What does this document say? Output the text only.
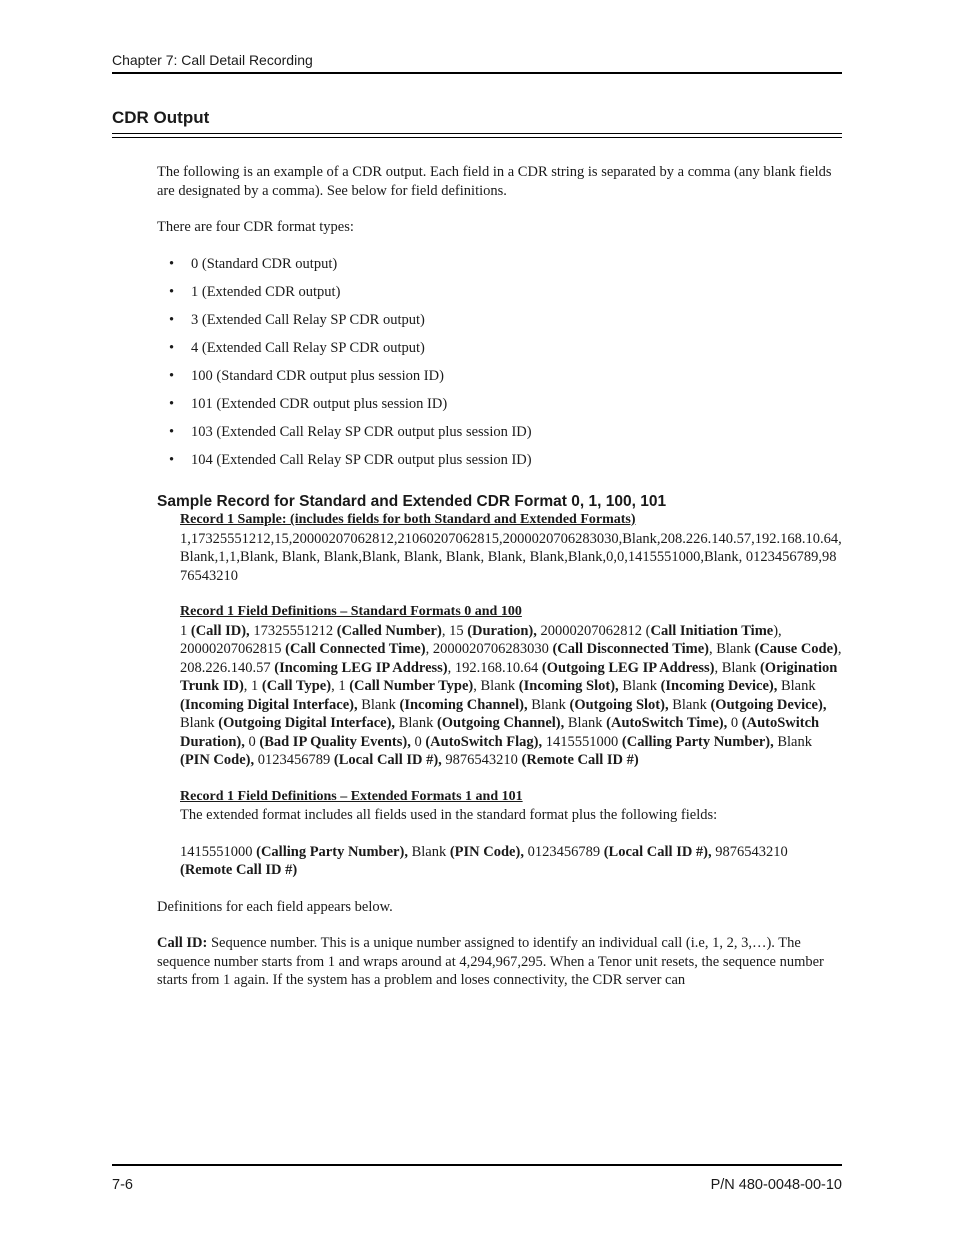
Chapter 7: Call Detail Recording
CDR Output

The following is an example of a CDR output. Each field in a CDR string is separated by a comma (any blank fields are designated by a comma). See below for field definitions.

There are four CDR format types:

• 0 (Standard CDR output)
• 1 (Extended CDR output)
• 3 (Extended Call Relay SP CDR output)
• 4 (Extended Call Relay SP CDR output)
• 100 (Standard CDR output plus session ID)
• 101 (Extended CDR output plus session ID)
• 103 (Extended Call Relay SP CDR output plus session ID)
• 104 (Extended Call Relay SP CDR output plus session ID)

Sample Record for Standard and Extended CDR Format 0, 1, 100, 101

Record 1 Sample: (includes fields for both Standard and Extended Formats)

1,17325551212,15,20000207062812,21060207062815,2000020706283030,Blank,208.226.140.57,192.168.10.64,Blank,1,1,Blank, Blank, Blank,Blank, Blank, Blank, Blank, Blank,Blank,0,0,1415551000,Blank, 0123456789,9876543210

Record 1 Field Definitions – Standard Formats 0 and 100

1 (Call ID), 17325551212 (Called Number), 15 (Duration), 20000207062812 (Call Initiation Time), 20000207062815 (Call Connected Time), 2000020706283030 (Call Disconnected Time), Blank (Cause Code), 208.226.140.57 (Incoming LEG IP Address), 192.168.10.64 (Outgoing LEG IP Address), Blank (Origination Trunk ID), 1 (Call Type), 1 (Call Number Type), Blank (Incoming Slot), Blank (Incoming Device), Blank (Incoming Digital Interface), Blank (Incoming Channel), Blank (Outgoing Slot), Blank (Outgoing Device), Blank (Outgoing Digital Interface), Blank (Outgoing Channel), Blank (AutoSwitch Time), 0 (AutoSwitch Duration), 0 (Bad IP Quality Events), 0 (AutoSwitch Flag), 1415551000 (Calling Party Number), Blank (PIN Code), 0123456789 (Local Call ID #), 9876543210 (Remote Call ID #)

Record 1 Field Definitions – Extended Formats 1 and 101

The extended format includes all fields used in the standard format plus the following fields:

1415551000 (Calling Party Number), Blank (PIN Code), 0123456789 (Local Call ID #), 9876543210 (Remote Call ID #)

Definitions for each field appears below.

Call ID: Sequence number. This is a unique number assigned to identify an individual call (i.e, 1, 2, 3,…). The sequence number starts from 1 and wraps around at 4,294,967,295. When a Tenor unit resets, the sequence number starts from 1 again. If the system has a problem and loses connectivity, the CDR server can

7-6	P/N 480-0048-00-10
